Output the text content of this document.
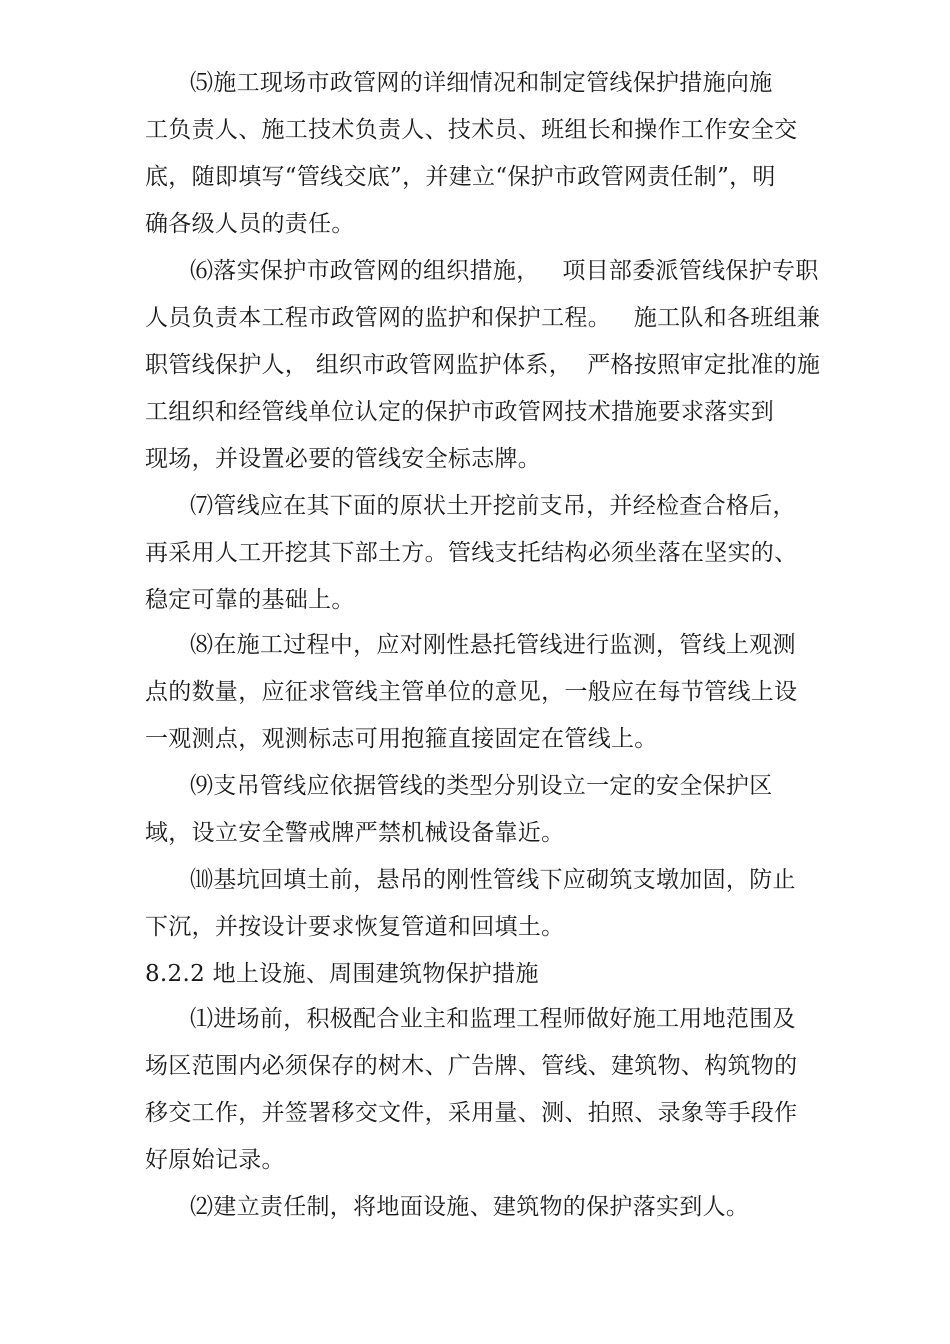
⑸施工现场市政管网的详细情况和制定管线保护措施向施
工负责人、施工技术负责人、技术员、班组长和操作工作安全交
底，随即填写“管线交底”，并建立“保护市政管网责任制”，明
确各级人员的责任。
⑹落实保护市政管网的组织措施，   项目部委派管线保护专职
人员负责本工程市政管网的监护和保护工程。   施工队和各班组兼
职管线保护人， 组织市政管网监护体系，  严格按照审定批准的施
工组织和经管线单位认定的保护市政管网技术措施要求落实到
现场，并设置必要的管线安全标志牌。
⑺管线应在其下面的原状土开挖前支吊，并经检查合格后，
再采用人工开挖其下部土方。管线支托结构必须坐落在坚实的、
稳定可靠的基础上。
⑻在施工过程中，应对刚性悬托管线进行监测，管线上观测
点的数量，应征求管线主管单位的意见，一般应在每节管线上设
一观测点，观测标志可用抱箍直接固定在管线上。
⑼支吊管线应依据管线的类型分别设立一定的安全保护区
域，设立安全警戒牌严禁机械设备靠近。
⑽基坑回填土前，悬吊的刚性管线下应砌筑支墩加固，防止
下沉，并按设计要求恢复管道和回填土。
8.2.2 地上设施、周围建筑物保护措施
⑴进场前，积极配合业主和监理工程师做好施工用地范围及
场区范围内必须保存的树木、广告牌、管线、建筑物、构筑物的
移交工作，并签署移交文件，采用量、测、拍照、录象等手段作
好原始记录。
⑵建立责任制，将地面设施、建筑物的保护落实到人。
